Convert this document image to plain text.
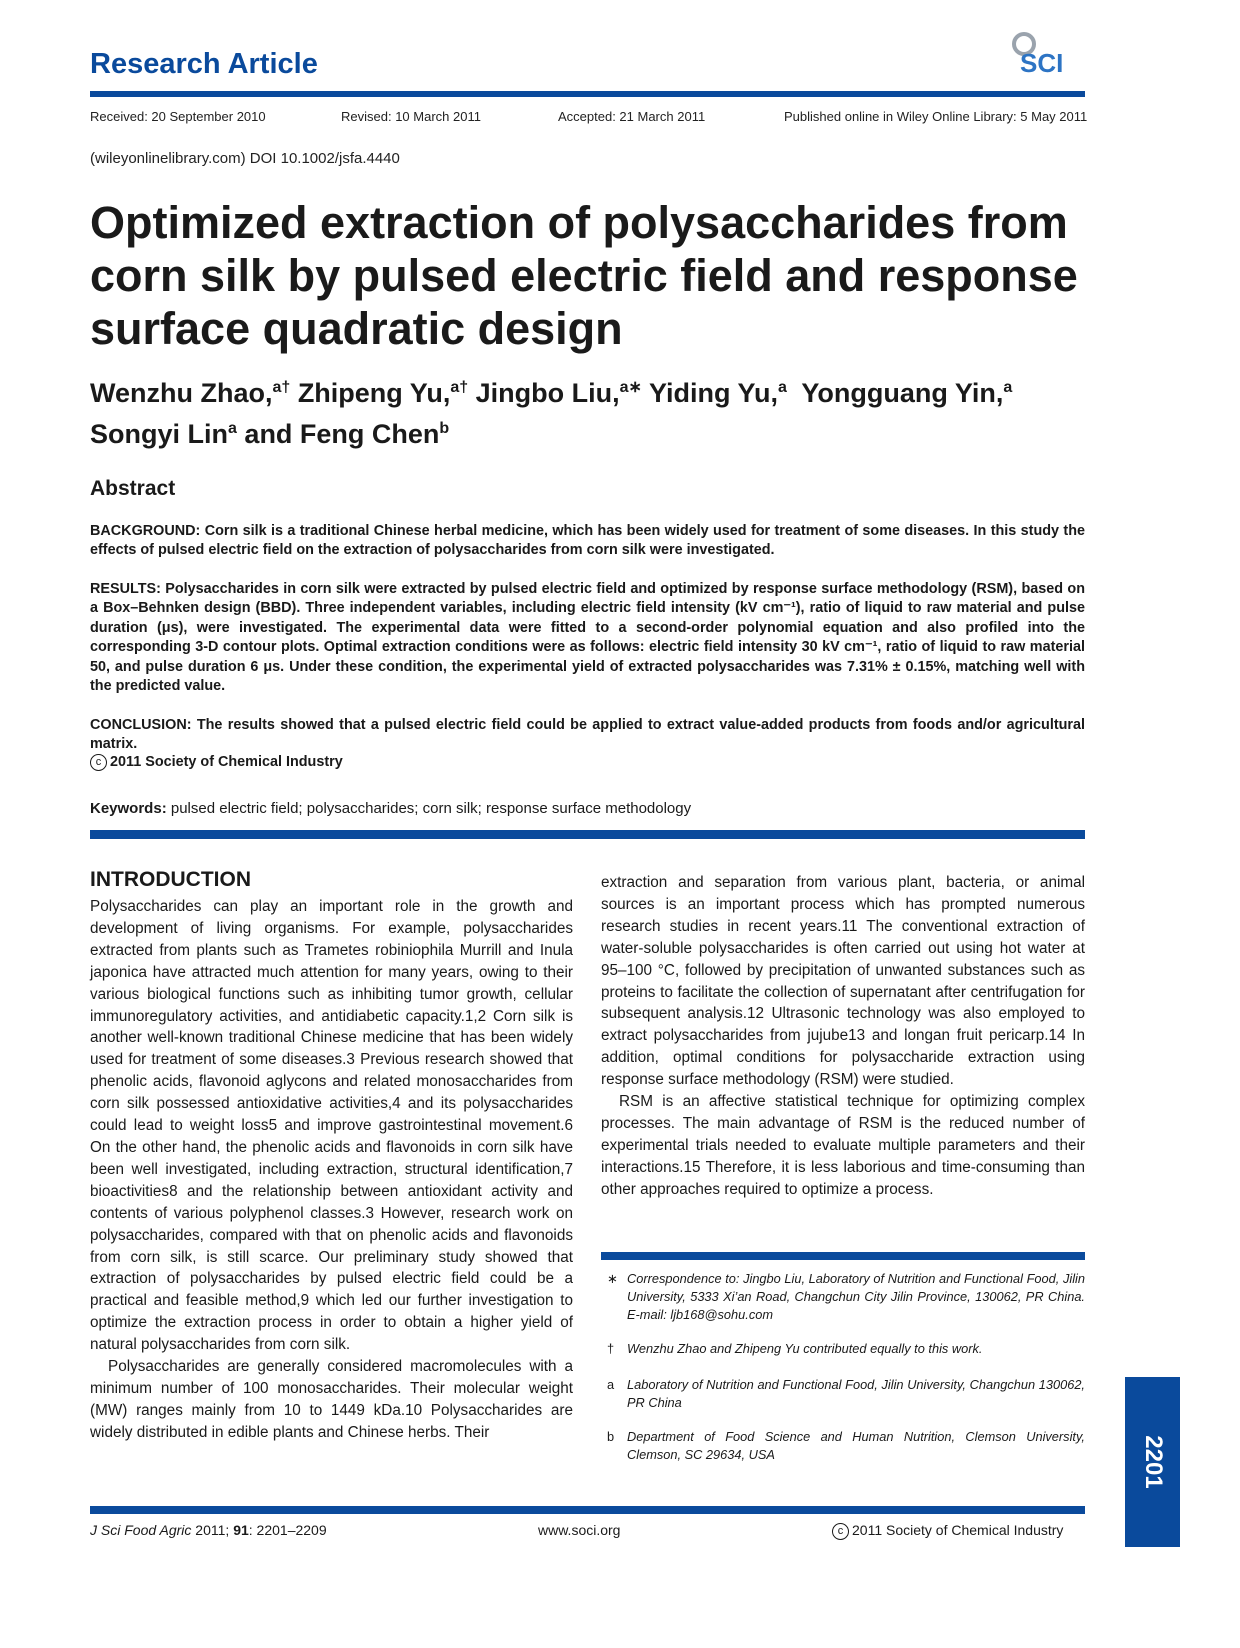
Research Article	SCI
Received: 20 September 2010	Revised: 10 March 2011	Accepted: 21 March 2011	Published online in Wiley Online Library: 5 May 2011
(wileyonlinelibrary.com) DOI 10.1002/jsfa.4440
Optimized extraction of polysaccharides from corn silk by pulsed electric field and response surface quadratic design
Wenzhu Zhao,$^{a\dagger}$ Zhipeng Yu,$^{a\dagger}$ Jingbo Liu,$^{a∗}$ Yiding Yu,$^a$ Yongguang Yin,$^a$
Songyi Lin$^a$ and Feng Chen$^b$
Abstract
BACKGROUND: Corn silk is a traditional Chinese herbal medicine, which has been widely used for treatment of some diseases. In this study the effects of pulsed electric field on the extraction of polysaccharides from corn silk were investigated.
RESULTS: Polysaccharides in corn silk were extracted by pulsed electric field and optimized by response surface methodology (RSM), based on a Box–Behnken design (BBD). Three independent variables, including electric field intensity (kV cm⁻¹), ratio of liquid to raw material and pulse duration (μs), were investigated. The experimental data were fitted to a second-order polynomial equation and also profiled into the corresponding 3-D contour plots. Optimal extraction conditions were as follows: electric field intensity 30 kV cm⁻¹, ratio of liquid to raw material 50, and pulse duration 6 μs. Under these condition, the experimental yield of extracted polysaccharides was 7.31% ± 0.15%, matching well with the predicted value.
CONCLUSION: The results showed that a pulsed electric field could be applied to extract value-added products from foods and/or agricultural matrix.
c 2011 Society of Chemical Industry
Keywords: pulsed electric field; polysaccharides; corn silk; response surface methodology
INTRODUCTION

Polysaccharides can play an important role in the growth and development of living organisms. For example, polysaccharides extracted from plants such as Trametes robiniophila Murrill and Inula japonica have attracted much attention for many years, owing to their various biological functions such as inhibiting tumor growth, cellular immunoregulatory activities, and antidiabetic capacity.1,2 Corn silk is another well-known traditional Chinese medicine that has been widely used for treatment of some diseases.3 Previous research showed that phenolic acids, flavonoid aglycons and related monosaccharides from corn silk possessed antioxidative activities,4 and its polysaccharides could lead to weight loss5 and improve gastrointestinal movement.6 On the other hand, the phenolic acids and flavonoids in corn silk have been well investigated, including extraction, structural identification,7 bioactivities8 and the relationship between antioxidant activity and contents of various polyphenol classes.3 However, research work on polysaccharides, compared with that on phenolic acids and flavonoids from corn silk, is still scarce. Our preliminary study showed that extraction of polysaccharides by pulsed electric field could be a practical and feasible method,9 which led our further investigation to optimize the extraction process in order to obtain a higher yield of natural polysaccharides from corn silk.

Polysaccharides are generally considered macromolecules with a minimum number of 100 monosaccharides. Their molecular weight (MW) ranges mainly from 10 to 1449 kDa.10 Polysaccharides are widely distributed in edible plants and Chinese herbs. Their

extraction and separation from various plant, bacteria, or animal sources is an important process which has prompted numerous research studies in recent years.11 The conventional extraction of water-soluble polysaccharides is often carried out using hot water at 95–100 °C, followed by precipitation of unwanted substances such as proteins to facilitate the collection of supernatant after centrifugation for subsequent analysis.12 Ultrasonic technology was also employed to extract polysaccharides from jujube13 and longan fruit pericarp.14 In addition, optimal conditions for polysaccharide extraction using response surface methodology (RSM) were studied.

RSM is an affective statistical technique for optimizing complex processes. The main advantage of RSM is the reduced number of experimental trials needed to evaluate multiple parameters and their interactions.15 Therefore, it is less laborious and time-consuming than other approaches required to optimize a process.

∗ Correspondence to: Jingbo Liu, Laboratory of Nutrition and Functional Food, Jilin University, 5333 Xi’an Road, Changchun City Jilin Province, 130062, PR China. E-mail: ljb168@sohu.com
† Wenzhu Zhao and Zhipeng Yu contributed equally to this work.
a Laboratory of Nutrition and Functional Food, Jilin University, Changchun 130062, PR China
b Department of Food Science and Human Nutrition, Clemson University, Clemson, SC 29634, USA	2201
J Sci Food Agric 2011; 91: 2201–2209	www.soci.org	c 2011 Society of Chemical Industry
